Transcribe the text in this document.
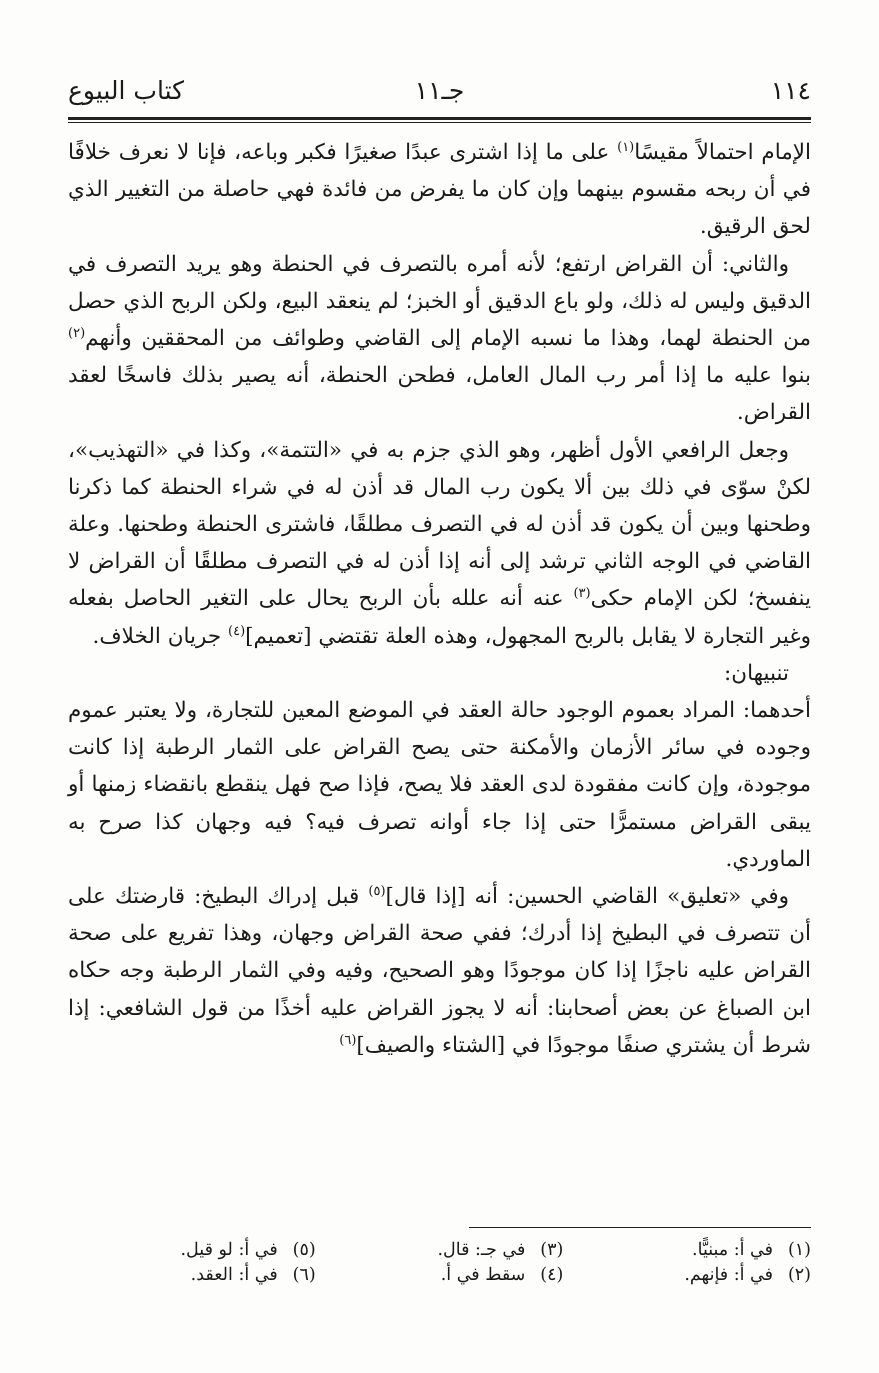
١١٤
جـ١١
كتاب البيوع

الإمام احتمالاً مقيسًا$^{(١)}$ على ما إذا اشترى عبدًا صغيرًا فكبر وباعه، فإنا لا نعرف خلافًا في أن ربحه مقسوم بينهما وإن كان ما يفرض من فائدة فهي حاصلة من التغيير الذي لحق الرقيق.

والثاني: أن القراض ارتفع؛ لأنه أمره بالتصرف في الحنطة وهو يريد التصرف في الدقيق وليس له ذلك، ولو باع الدقيق أو الخبز؛ لم ينعقد البيع، ولكن الربح الذي حصل من الحنطة لهما، وهذا ما نسبه الإمام إلى القاضي وطوائف من المحققين وأنهم$^{(٢)}$ بنوا عليه ما إذا أمر رب المال العامل، فطحن الحنطة، أنه يصير بذلك فاسخًا لعقد القراض.

وجعل الرافعي الأول أظهر، وهو الذي جزم به في «التتمة»، وكذا في «التهذيب»، لكنْ سوّى في ذلك بين ألا يكون رب المال قد أذن له في شراء الحنطة كما ذكرنا وطحنها وبين أن يكون قد أذن له في التصرف مطلقًا، فاشترى الحنطة وطحنها. وعلة القاضي في الوجه الثاني ترشد إلى أنه إذا أذن له في التصرف مطلقًا أن القراض لا ينفسخ؛ لكن الإمام حكى$^{(٣)}$ عنه أنه علله بأن الربح يحال على التغير الحاصل بفعله وغير التجارة لا يقابل بالربح المجهول، وهذه العلة تقتضي [تعميم]$^{(٤)}$ جريان الخلاف.

تنبيهان:

أحدهما: المراد بعموم الوجود حالة العقد في الموضع المعين للتجارة، ولا يعتبر عموم وجوده في سائر الأزمان والأمكنة حتى يصح القراض على الثمار الرطبة إذا كانت موجودة، وإن كانت مفقودة لدى العقد فلا يصح، فإذا صح فهل ينقطع بانقضاء زمنها أو يبقى القراض مستمرًّا حتى إذا جاء أوانه تصرف فيه؟ فيه وجهان كذا صرح به الماوردي.

وفي «تعليق» القاضي الحسين: أنه [إذا قال]$^{(٥)}$ قبل إدراك البطيخ: قارضتك على أن تتصرف في البطيخ إذا أدرك؛ ففي صحة القراض وجهان، وهذا تفريع على صحة القراض عليه ناجزًا إذا كان موجودًا وهو الصحيح، وفيه وفي الثمار الرطبة وجه حكاه ابن الصباغ عن بعض أصحابنا: أنه لا يجوز القراض عليه أخذًا من قول الشافعي: إذا شرط أن يشتري صنفًا موجودًا في [الشتاء والصيف]$^{(٦)}$

(١)في أ: مبنيًّا.
(٣)في جـ: قال.
(٥)في أ: لو قيل.
(٢)في أ: فإنهم.
(٤)سقط في أ.
(٦)في أ: العقد.
